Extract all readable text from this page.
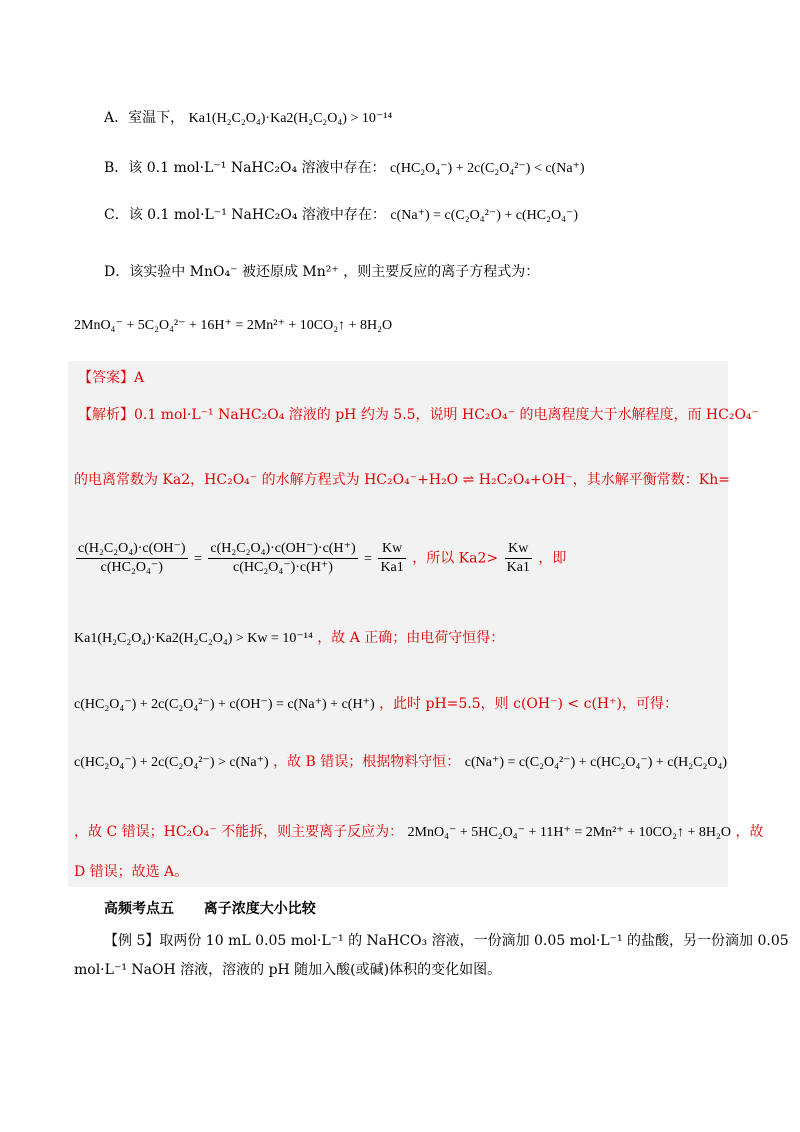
A．室温下， Ka1(H₂C₂O₄)·Ka2(H₂C₂O₄) > 10⁻¹⁴
B．该 0.1 mol·L⁻¹ NaHC₂O₄ 溶液中存在： c(HC₂O₄⁻) + 2c(C₂O₄²⁻) < c(Na⁺)
C．该 0.1 mol·L⁻¹ NaHC₂O₄ 溶液中存在： c(Na⁺) = c(C₂O₄²⁻) + c(HC₂O₄⁻)
D．该实验中 MnO₄⁻ 被还原成 Mn²⁺ ，则主要反应的离子方程式为：
2MnO₄⁻ + 5C₂O₄²⁻ + 16H⁺ = 2Mn²⁺ + 10CO₂↑ + 8H₂O
【答案】A
【解析】0.1 mol·L⁻¹ NaHC₂O₄ 溶液的 pH 约为 5.5，说明 HC₂O₄⁻ 的电离程度大于水解程度，而 HC₂O₄⁻
的电离常数为 Ka2，HC₂O₄⁻ 的水解方程式为 HC₂O₄⁻+H₂O ⇌ H₂C₂O₄+OH⁻，其水解平衡常数：Kh=
$\frac{\text{c(H₂C₂O₄)·c(OH⁻)}}{\text{c(HC₂O₄⁻)}} = \frac{\text{c(H₂C₂O₄)·c(OH⁻)·c(H⁺)}}{\text{c(HC₂O₄⁻)·c(H⁺)}} = \frac{Kw}{Ka1}$ ，所以 $Ka2> \frac{Kw}{Ka1}$ ，即
Ka1(H₂C₂O₄)·Ka2(H₂C₂O₄) > Kw = 10⁻¹⁴ ，故 A 正确；由电荷守恒得：
c(HC₂O₄⁻) + 2c(C₂O₄²⁻) + c(OH⁻) = c(Na⁺) + c(H⁺) ，此时 pH=5.5，则 c(OH⁻) < c(H⁺)，可得：
c(HC₂O₄⁻) + 2c(C₂O₄²⁻) > c(Na⁺) ，故 B 错误；根据物料守恒： c(Na⁺) = c(C₂O₄²⁻) + c(HC₂O₄⁻) + c(H₂C₂O₄)
，故 C 错误；HC₂O₄⁻ 不能拆，则主要离子反应为： 2MnO₄⁻ + 5HC₂O₄⁻ + 11H⁺ = 2Mn²⁺ + 10CO₂↑ + 8H₂O ，故
D 错误；故选 A。
高频考点五 离子浓度大小比较
【例 5】取两份 10 mL 0.05 mol·L⁻¹ 的 NaHCO₃ 溶液，一份滴加 0.05 mol·L⁻¹ 的盐酸，另一份滴加 0.05
mol·L⁻¹ NaOH 溶液，溶液的 pH 随加入酸(或碱)体积的变化如图。
